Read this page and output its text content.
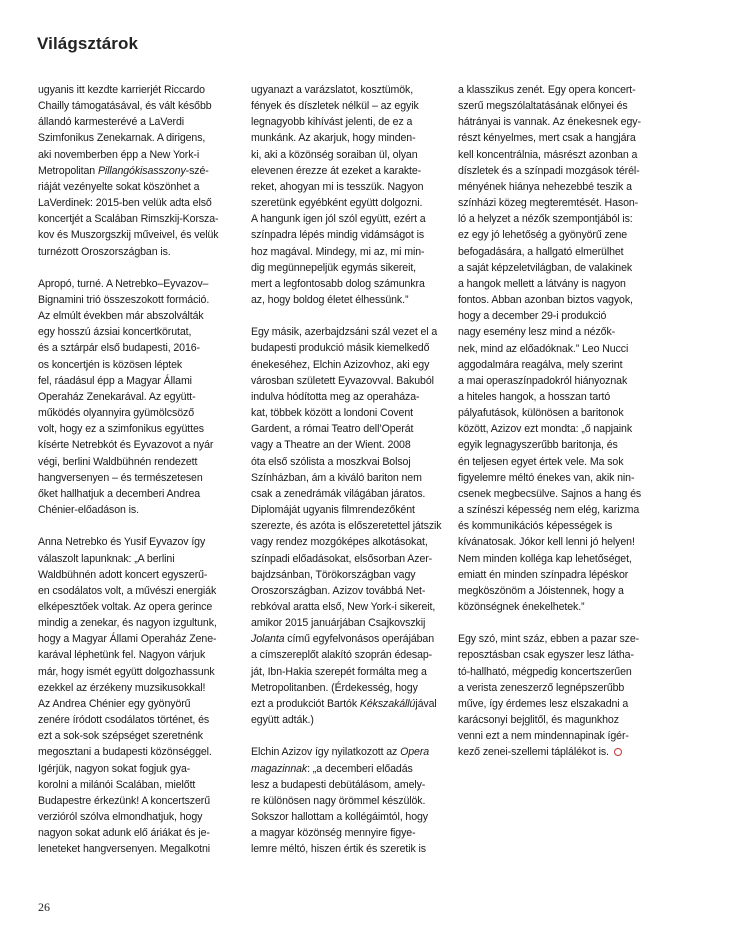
Világsztárok

ugyanis itt kezdte karrierjét Riccardo
Chailly támogatásával, és vált később
állandó karmesterévé a LaVerdi
Szimfonikus Zenekarnak. A dirigens,
aki novemberben épp a New York-i
Metropolitan Pillangókisasszony-szé-
riáját vezényelte sokat köszönhet a
LaVerdinek: 2015-ben velük adta első
koncertjét a Scalában Rimszkij-Korsza-
kov és Muszorgszkij műveivel, és velük
turnézott Oroszországban is.

Apropó, turné. A Netrebko–Eyvazov–
Bignamini trió összeszokott formáció.
Az elmúlt években már abszolválták
egy hosszú ázsiai koncertkörutat,
és a sztárpár első budapesti, 2016-
os koncertjén is közösen léptek
fel, ráadásul épp a Magyar Állami
Operaház Zenekarával. Az együtt-
működés olyannyira gyümölcsöző
volt, hogy ez a szimfonikus együttes
kísérte Netrebkót és Eyvazovot a nyár
végi, berlini Waldbühnén rendezett
hangversenyen – és természetesen
őket hallhatjuk a decemberi Andrea
Chénier-előadáson is.

Anna Netrebko és Yusif Eyvazov így
válaszolt lapunknak: „A berlini
Waldbühnén adott koncert egyszerű-
en csodálatos volt, a művészi energiák
elképesztőek voltak. Az opera gerince
mindig a zenekar, és nagyon izgultunk,
hogy a Magyar Állami Operaház Zene-
karával léphetünk fel. Nagyon várjuk
már, hogy ismét együtt dolgozhassunk
ezekkel az érzékeny muzsikusokkal!
Az Andrea Chénier egy gyönyörű
zenére íródott csodálatos történet, és
ezt a sok-sok szépséget szeretnénk
megosztani a budapesti közönséggel.
Igérjük, nagyon sokat fogjuk gya-
korolni a milánói Scalában, mielőtt
Budapestre érkezünk! A koncertszerű
verzióról szólva elmondhatjuk, hogy
nagyon sokat adunk elő áriákat és je-
leneteket hangversenyen. Megalkotni

ugyanazt a varázslatot, kosztümök,
fények és díszletek nélkül – az egyik
legnagyobb kihívást jelenti, de ez a
munkánk. Az akarjuk, hogy minden-
ki, aki a közönség soraiban ül, olyan
elevenen érezze át ezeket a karakte-
reket, ahogyan mi is tesszük. Nagyon
szeretünk egyébként együtt dolgozni.
A hangunk igen jól szól együtt, ezért a
színpadra lépés mindig vidámságot is
hoz magával. Mindegy, mi az, mi min-
dig megünnepeljük egymás sikereit,
mert a legfontosabb dolog számunkra
az, hogy boldog életet élhessünk.”

Egy másik, azerbajdzsáni szál vezet el a
budapesti produkció másik kiemelkedő
énekeséhez, Elchin Azizovhoz, aki egy
városban született Eyvazovval. Bakuból
indulva hódította meg az operaháza-
kat, többek között a londoni Covent
Gardent, a római Teatro dell’Operát
vagy a Theatre an der Wient. 2008
óta első szólista a moszkvai Bolsoj
Színházban, ám a kiváló bariton nem
csak a zenedrámák világában járatos.
Diplomáját ugyanis filmrendezőként
szerezte, és azóta is előszeretettel játszik
vagy rendez mozgóképes alkotásokat,
színpadi előadásokat, elsősorban Azer-
bajdzsánban, Törökországban vagy
Oroszországban. Azizov továbbá Net-
rebkóval aratta első, New York-i sikereit,
amikor 2015 januárjában Csajkovszkij
Jolanta című egyfelvonásos operájában
a címszereplőt alakító szoprán édesap-
ját, Ibn-Hakia szerepét formálta meg a
Metropolitanben. (Érdekesség, hogy
ezt a produkciót Bartók Kékszakállújával
együtt adták.)

Elchin Azizov így nyilatkozott az Opera
magazinnak: „a decemberi előadás
lesz a budapesti debütálásom, amely-
re különösen nagy örömmel készülök.
Sokszor hallottam a kollégáimtól, hogy
a magyar közönség mennyire figye-
lemre méltó, hiszen értik és szeretik is

a klasszikus zenét. Egy opera koncert-
szerű megszólaltatásának előnyei és
hátrányai is vannak. Az énekesnek egy-
részt kényelmes, mert csak a hangjára
kell koncentrálnia, másrészt azonban a
díszletek és a színpadi mozgások térél-
ményének hiánya nehezebbé teszik a
színházi közeg megteremtését. Hason-
ló a helyzet a nézők szempontjából is:
ez egy jó lehetőség a gyönyörű zene
befogadására, a hallgató elmerülhet
a saját képzeletvilágban, de valakinek
a hangok mellett a látvány is nagyon
fontos. Abban azonban biztos vagyok,
hogy a december 29-i produkció
nagy esemény lesz mind a nézők-
nek, mind az előadóknak.” Leo Nucci
aggodalmára reagálva, mely szerint
a mai operaszínpadokról hiányoznak
a hiteles hangok, a hosszan tartó
pályafutások, különösen a baritonok
között, Azizov ezt mondta: „ő napjaink
egyik legnagyszerűbb baritonja, és
én teljesen egyet értek vele. Ma sok
figyelemre méltó énekes van, akik nin-
csenek megbecsülve. Sajnos a hang és
a színészi képesség nem elég, karizma
és kommunikációs képességek is
kívánatosak. Jókor kell lenni jó helyen!
Nem minden kolléga kap lehetőséget,
emiatt én minden színpadra lépéskor
megköszönöm a Jóistennek, hogy a
közönségnek énekelhetek.”

Egy szó, mint száz, ebben a pazar sze-
reposztásban csak egyszer lesz látha-
tó-hallható, mégpedig koncertszerűen
a verista zeneszerző legnépszerűbb
műve, így érdemes lesz elszakadni a
karácsonyi bejglitől, és magunkhoz
venni ezt a nem mindennapinak ígér-
kező zenei-szellemi táplálékot is.

26
